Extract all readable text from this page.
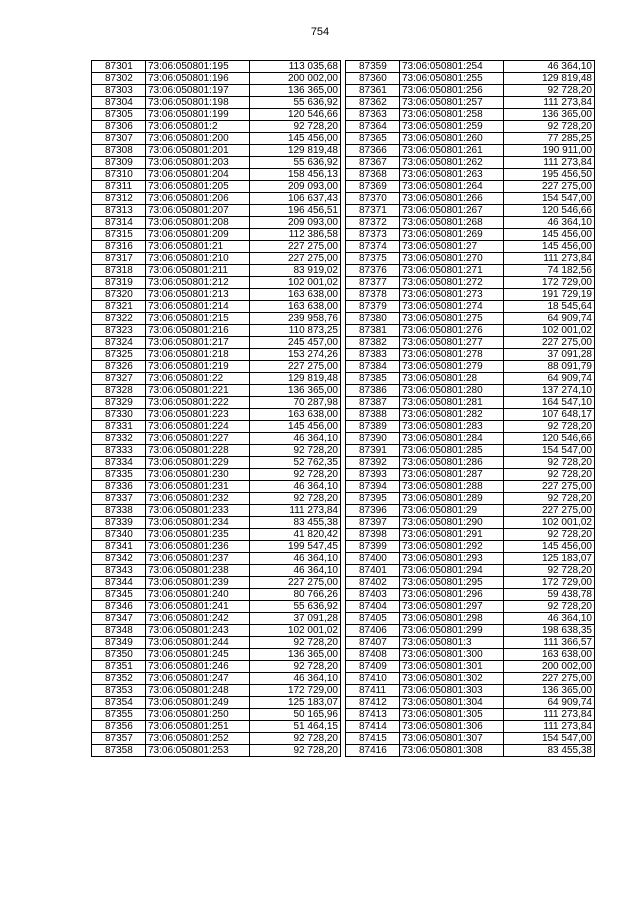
754
87301	73:06:050801:195	113 035,68
87302	73:06:050801:196	200 002,00
87303	73:06:050801:197	136 365,00
87304	73:06:050801:198	55 636,92
87305	73:06:050801:199	120 546,66
87306	73:06:050801:2	92 728,20
87307	73:06:050801:200	145 456,00
87308	73:06:050801:201	129 819,48
87309	73:06:050801:203	55 636,92
87310	73:06:050801:204	158 456,13
87311	73:06:050801:205	209 093,00
87312	73:06:050801:206	106 637,43
87313	73:06:050801:207	196 456,51
87314	73:06:050801:208	209 093,00
87315	73:06:050801:209	112 386,58
87316	73:06:050801:21	227 275,00
87317	73:06:050801:210	227 275,00
87318	73:06:050801:211	83 919,02
87319	73:06:050801:212	102 001,02
87320	73:06:050801:213	163 638,00
87321	73:06:050801:214	163 638,00
87322	73:06:050801:215	239 958,76
87323	73:06:050801:216	110 873,25
87324	73:06:050801:217	245 457,00
87325	73:06:050801:218	153 274,26
87326	73:06:050801:219	227 275,00
87327	73:06:050801:22	129 819,48
87328	73:06:050801:221	136 365,00
87329	73:06:050801:222	70 287,98
87330	73:06:050801:223	163 638,00
87331	73:06:050801:224	145 456,00
87332	73:06:050801:227	46 364,10
87333	73:06:050801:228	92 728,20
87334	73:06:050801:229	52 762,35
87335	73:06:050801:230	92 728,20
87336	73:06:050801:231	46 364,10
87337	73:06:050801:232	92 728,20
87338	73:06:050801:233	111 273,84
87339	73:06:050801:234	83 455,38
87340	73:06:050801:235	41 820,42
87341	73:06:050801:236	199 547,45
87342	73:06:050801:237	46 364,10
87343	73:06:050801:238	46 364,10
87344	73:06:050801:239	227 275,00
87345	73:06:050801:240	80 766,26
87346	73:06:050801:241	55 636,92
87347	73:06:050801:242	37 091,28
87348	73:06:050801:243	102 001,02
87349	73:06:050801:244	92 728,20
87350	73:06:050801:245	136 365,00
87351	73:06:050801:246	92 728,20
87352	73:06:050801:247	46 364,10
87353	73:06:050801:248	172 729,00
87354	73:06:050801:249	125 183,07
87355	73:06:050801:250	50 165,96
87356	73:06:050801:251	51 464,15
87357	73:06:050801:252	92 728,20
87358	73:06:050801:253	92 728,20
87359	73:06:050801:254	46 364,10
87360	73:06:050801:255	129 819,48
87361	73:06:050801:256	92 728,20
87362	73:06:050801:257	111 273,84
87363	73:06:050801:258	136 365,00
87364	73:06:050801:259	92 728,20
87365	73:06:050801:260	77 285,25
87366	73:06:050801:261	190 911,00
87367	73:06:050801:262	111 273,84
87368	73:06:050801:263	195 456,50
87369	73:06:050801:264	227 275,00
87370	73:06:050801:266	154 547,00
87371	73:06:050801:267	120 546,66
87372	73:06:050801:268	46 364,10
87373	73:06:050801:269	145 456,00
87374	73:06:050801:27	145 456,00
87375	73:06:050801:270	111 273,84
87376	73:06:050801:271	74 182,56
87377	73:06:050801:272	172 729,00
87378	73:06:050801:273	191 729,19
87379	73:06:050801:274	18 545,64
87380	73:06:050801:275	64 909,74
87381	73:06:050801:276	102 001,02
87382	73:06:050801:277	227 275,00
87383	73:06:050801:278	37 091,28
87384	73:06:050801:279	88 091,79
87385	73:06:050801:28	64 909,74
87386	73:06:050801:280	137 274,10
87387	73:06:050801:281	164 547,10
87388	73:06:050801:282	107 648,17
87389	73:06:050801:283	92 728,20
87390	73:06:050801:284	120 546,66
87391	73:06:050801:285	154 547,00
87392	73:06:050801:286	92 728,20
87393	73:06:050801:287	92 728,20
87394	73:06:050801:288	227 275,00
87395	73:06:050801:289	92 728,20
87396	73:06:050801:29	227 275,00
87397	73:06:050801:290	102 001,02
87398	73:06:050801:291	92 728,20
87399	73:06:050801:292	145 456,00
87400	73:06:050801:293	125 183,07
87401	73:06:050801:294	92 728,20
87402	73:06:050801:295	172 729,00
87403	73:06:050801:296	59 438,78
87404	73:06:050801:297	92 728,20
87405	73:06:050801:298	46 364,10
87406	73:06:050801:299	198 638,35
87407	73:06:050801:3	111 366,57
87408	73:06:050801:300	163 638,00
87409	73:06:050801:301	200 002,00
87410	73:06:050801:302	227 275,00
87411	73:06:050801:303	136 365,00
87412	73:06:050801:304	64 909,74
87413	73:06:050801:305	111 273,84
87414	73:06:050801:306	111 273,84
87415	73:06:050801:307	154 547,00
87416	73:06:050801:308	83 455,38
